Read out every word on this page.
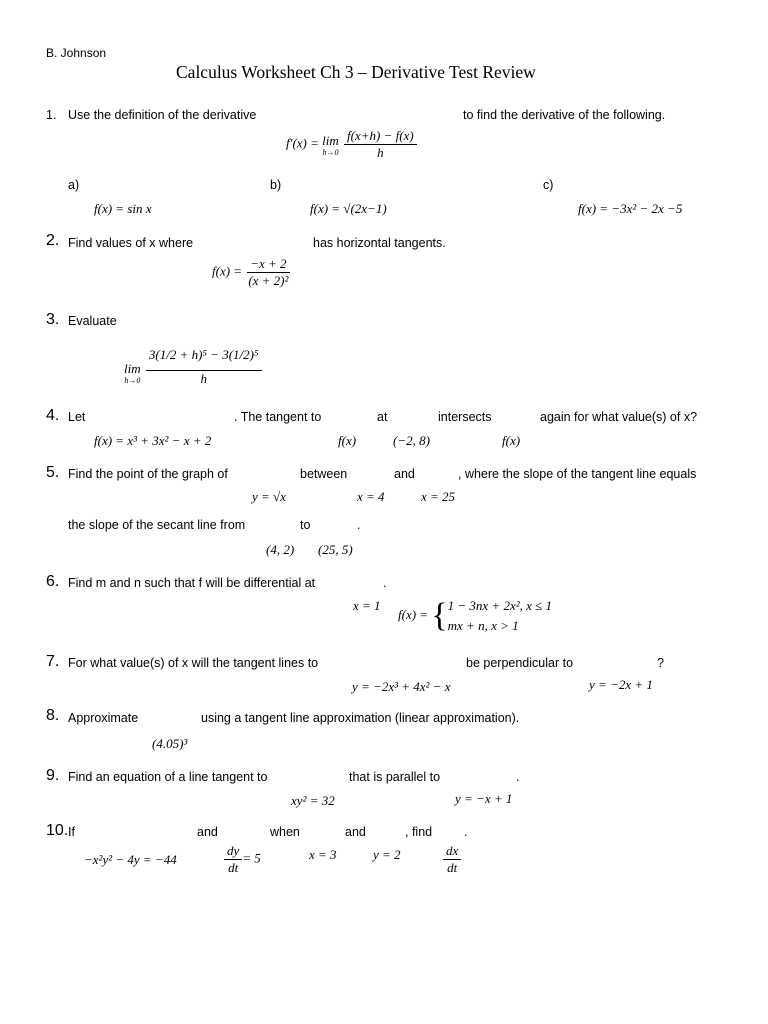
B. Johnson
Calculus Worksheet Ch 3 – Derivative Test Review
1. Use the definition of the derivative	to find the derivative of the following.
f′(x) = lim
h→0
$\frac{f(x+h) - f(x)}{h}$
a)	b)	c)
f(x) = sin x	f(x) = √(2x−1)	f(x) = −3x² − 2x −5
2. Find values of x where	has horizontal tangents.
$f(x) = \frac{-x + 2}{\text{(x + 2)²}}$
3. Evaluate
lim
h→0
$\frac{\text{3(1/2 + h)⁵ − 3(1/2)⁵}}{h}$
4. Let	. The tangent to	at	intersects	again for what value(s) of x?
f(x) = x³ + 3x² − x + 2	f(x)	(−2, 8)	f(x)
5. Find the point of the graph of	between	and	, where the slope of the tangent line equals
y = √x	x = 4	x = 25
the slope of the secant line from	to	.
(4, 2) (25, 5)
6. Find m and n such that f will be differential at	.
x = 1
f(x) = { 1 − 3nx + 2x², x ≤ 1
mx + n, x > 1
7. For what value(s) of x will the tangent lines to	be perpendicular to	?
y = −2x³ + 4x² − x	y = −2x + 1
8. Approximate	using a tangent line approximation (linear approximation).
(4.05)³
9. Find an equation of a line tangent to	that is parallel to	.
xy² = 32	y = −x + 1
10. If	and	when	and	, find	.
−x²y² − 4y = −44	$\frac{dy}{dt} = 5$	x = 3	y = 2	$\frac{dx}{dt}$
